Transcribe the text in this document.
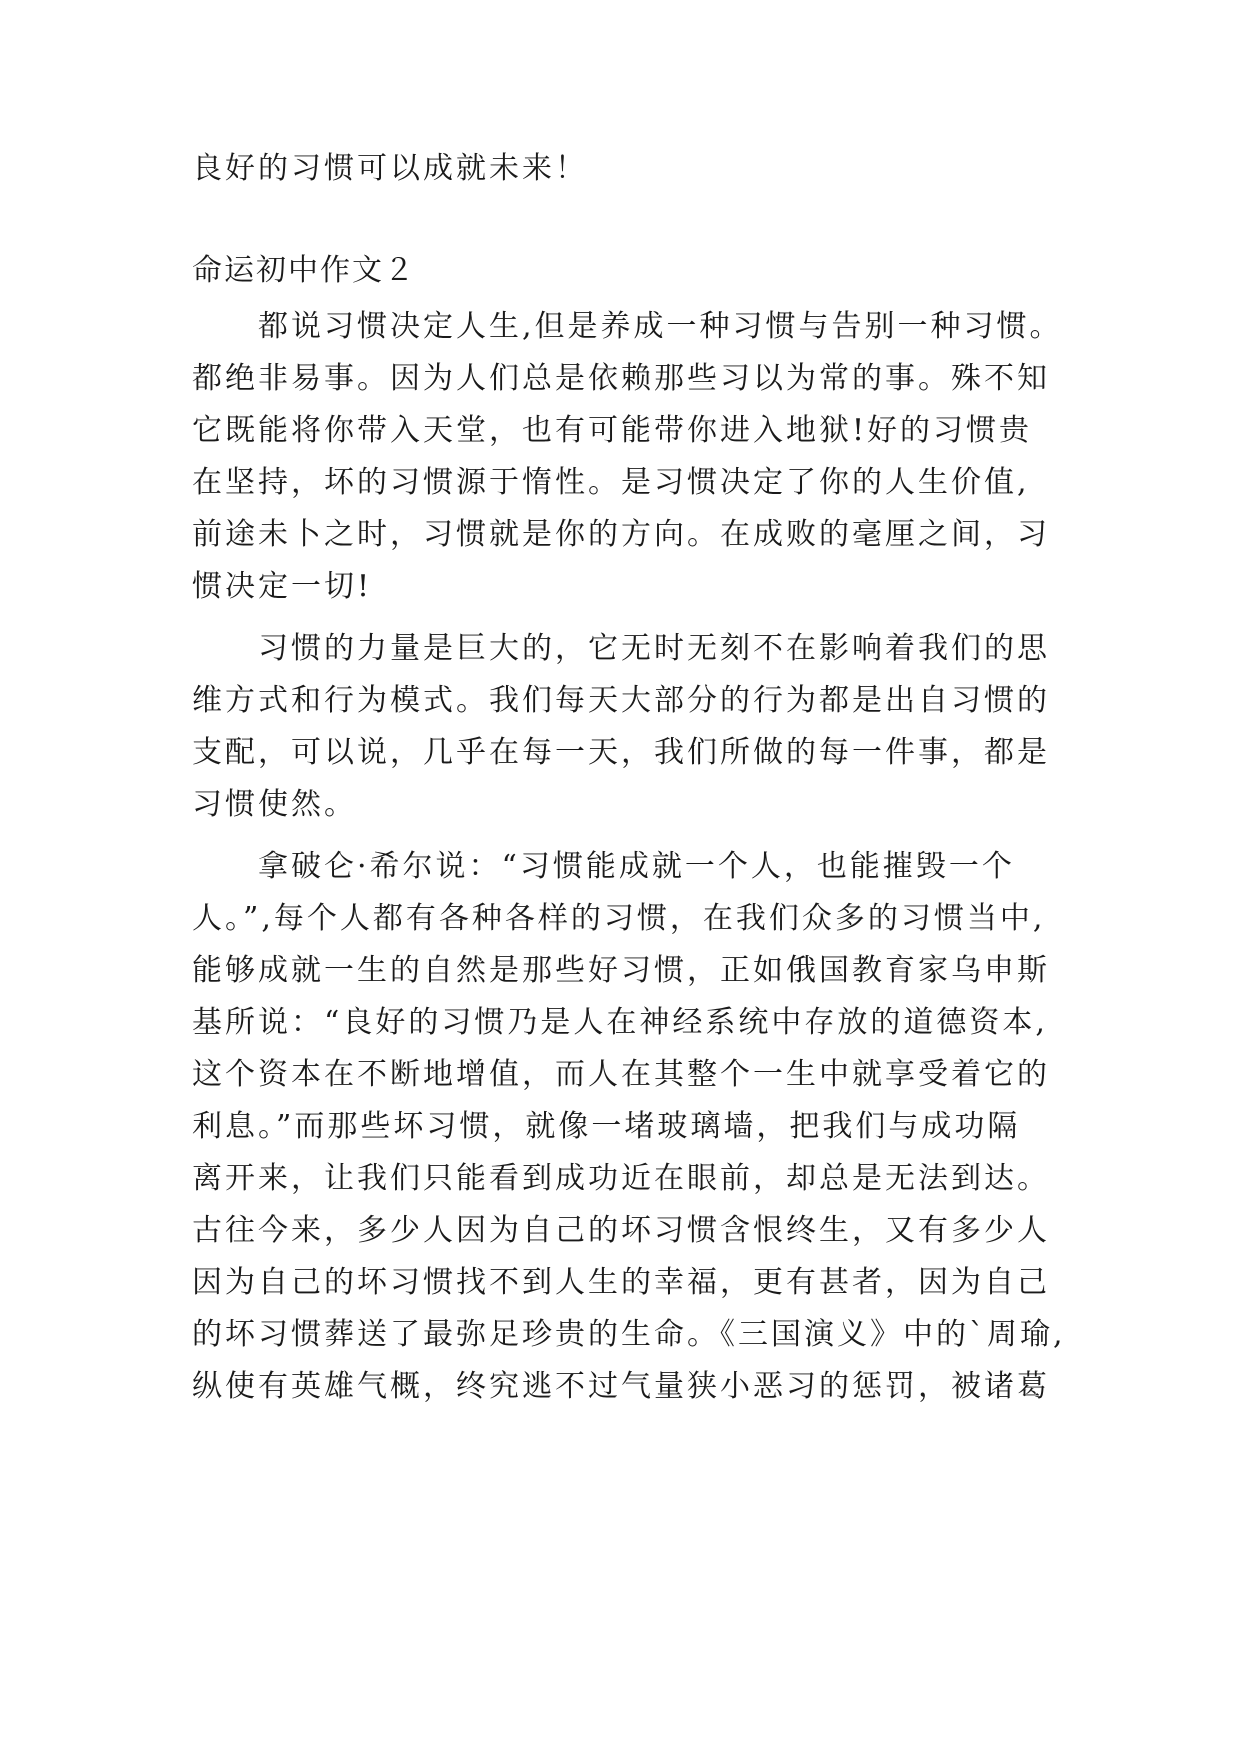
良好的习惯可以成就未来！
命运初中作文２
都说习惯决定人生,但是养成一种习惯与告别一种习惯。
都绝非易事。因为人们总是依赖那些习以为常的事。殊不知
它既能将你带入天堂，也有可能带你进入地狱!好的习惯贵
在坚持，坏的习惯源于惰性。是习惯决定了你的人生价值,
前途未卜之时，习惯就是你的方向。在成败的毫厘之间，习
惯决定一切!
习惯的力量是巨大的，它无时无刻不在影响着我们的思
维方式和行为模式。我们每天大部分的行为都是出自习惯的
支配，可以说，几乎在每一天，我们所做的每一件事，都是
习惯使然。
拿破仑·希尔说：“习惯能成就一个人，也能摧毁一个
人。”,每个人都有各种各样的习惯，在我们众多的习惯当中,
能够成就一生的自然是那些好习惯，正如俄国教育家乌申斯
基所说：“良好的习惯乃是人在神经系统中存放的道德资本,
这个资本在不断地增值，而人在其整个一生中就享受着它的
利息。”而那些坏习惯，就像一堵玻璃墙，把我们与成功隔
离开来，让我们只能看到成功近在眼前，却总是无法到达。
古往今来，多少人因为自己的坏习惯含恨终生，又有多少人
因为自己的坏习惯找不到人生的幸福，更有甚者，因为自己
的坏习惯葬送了最弥足珍贵的生命。《三国演义》中的`周瑜,
纵使有英雄气概，终究逃不过气量狭小恶习的惩罚，被诸葛
